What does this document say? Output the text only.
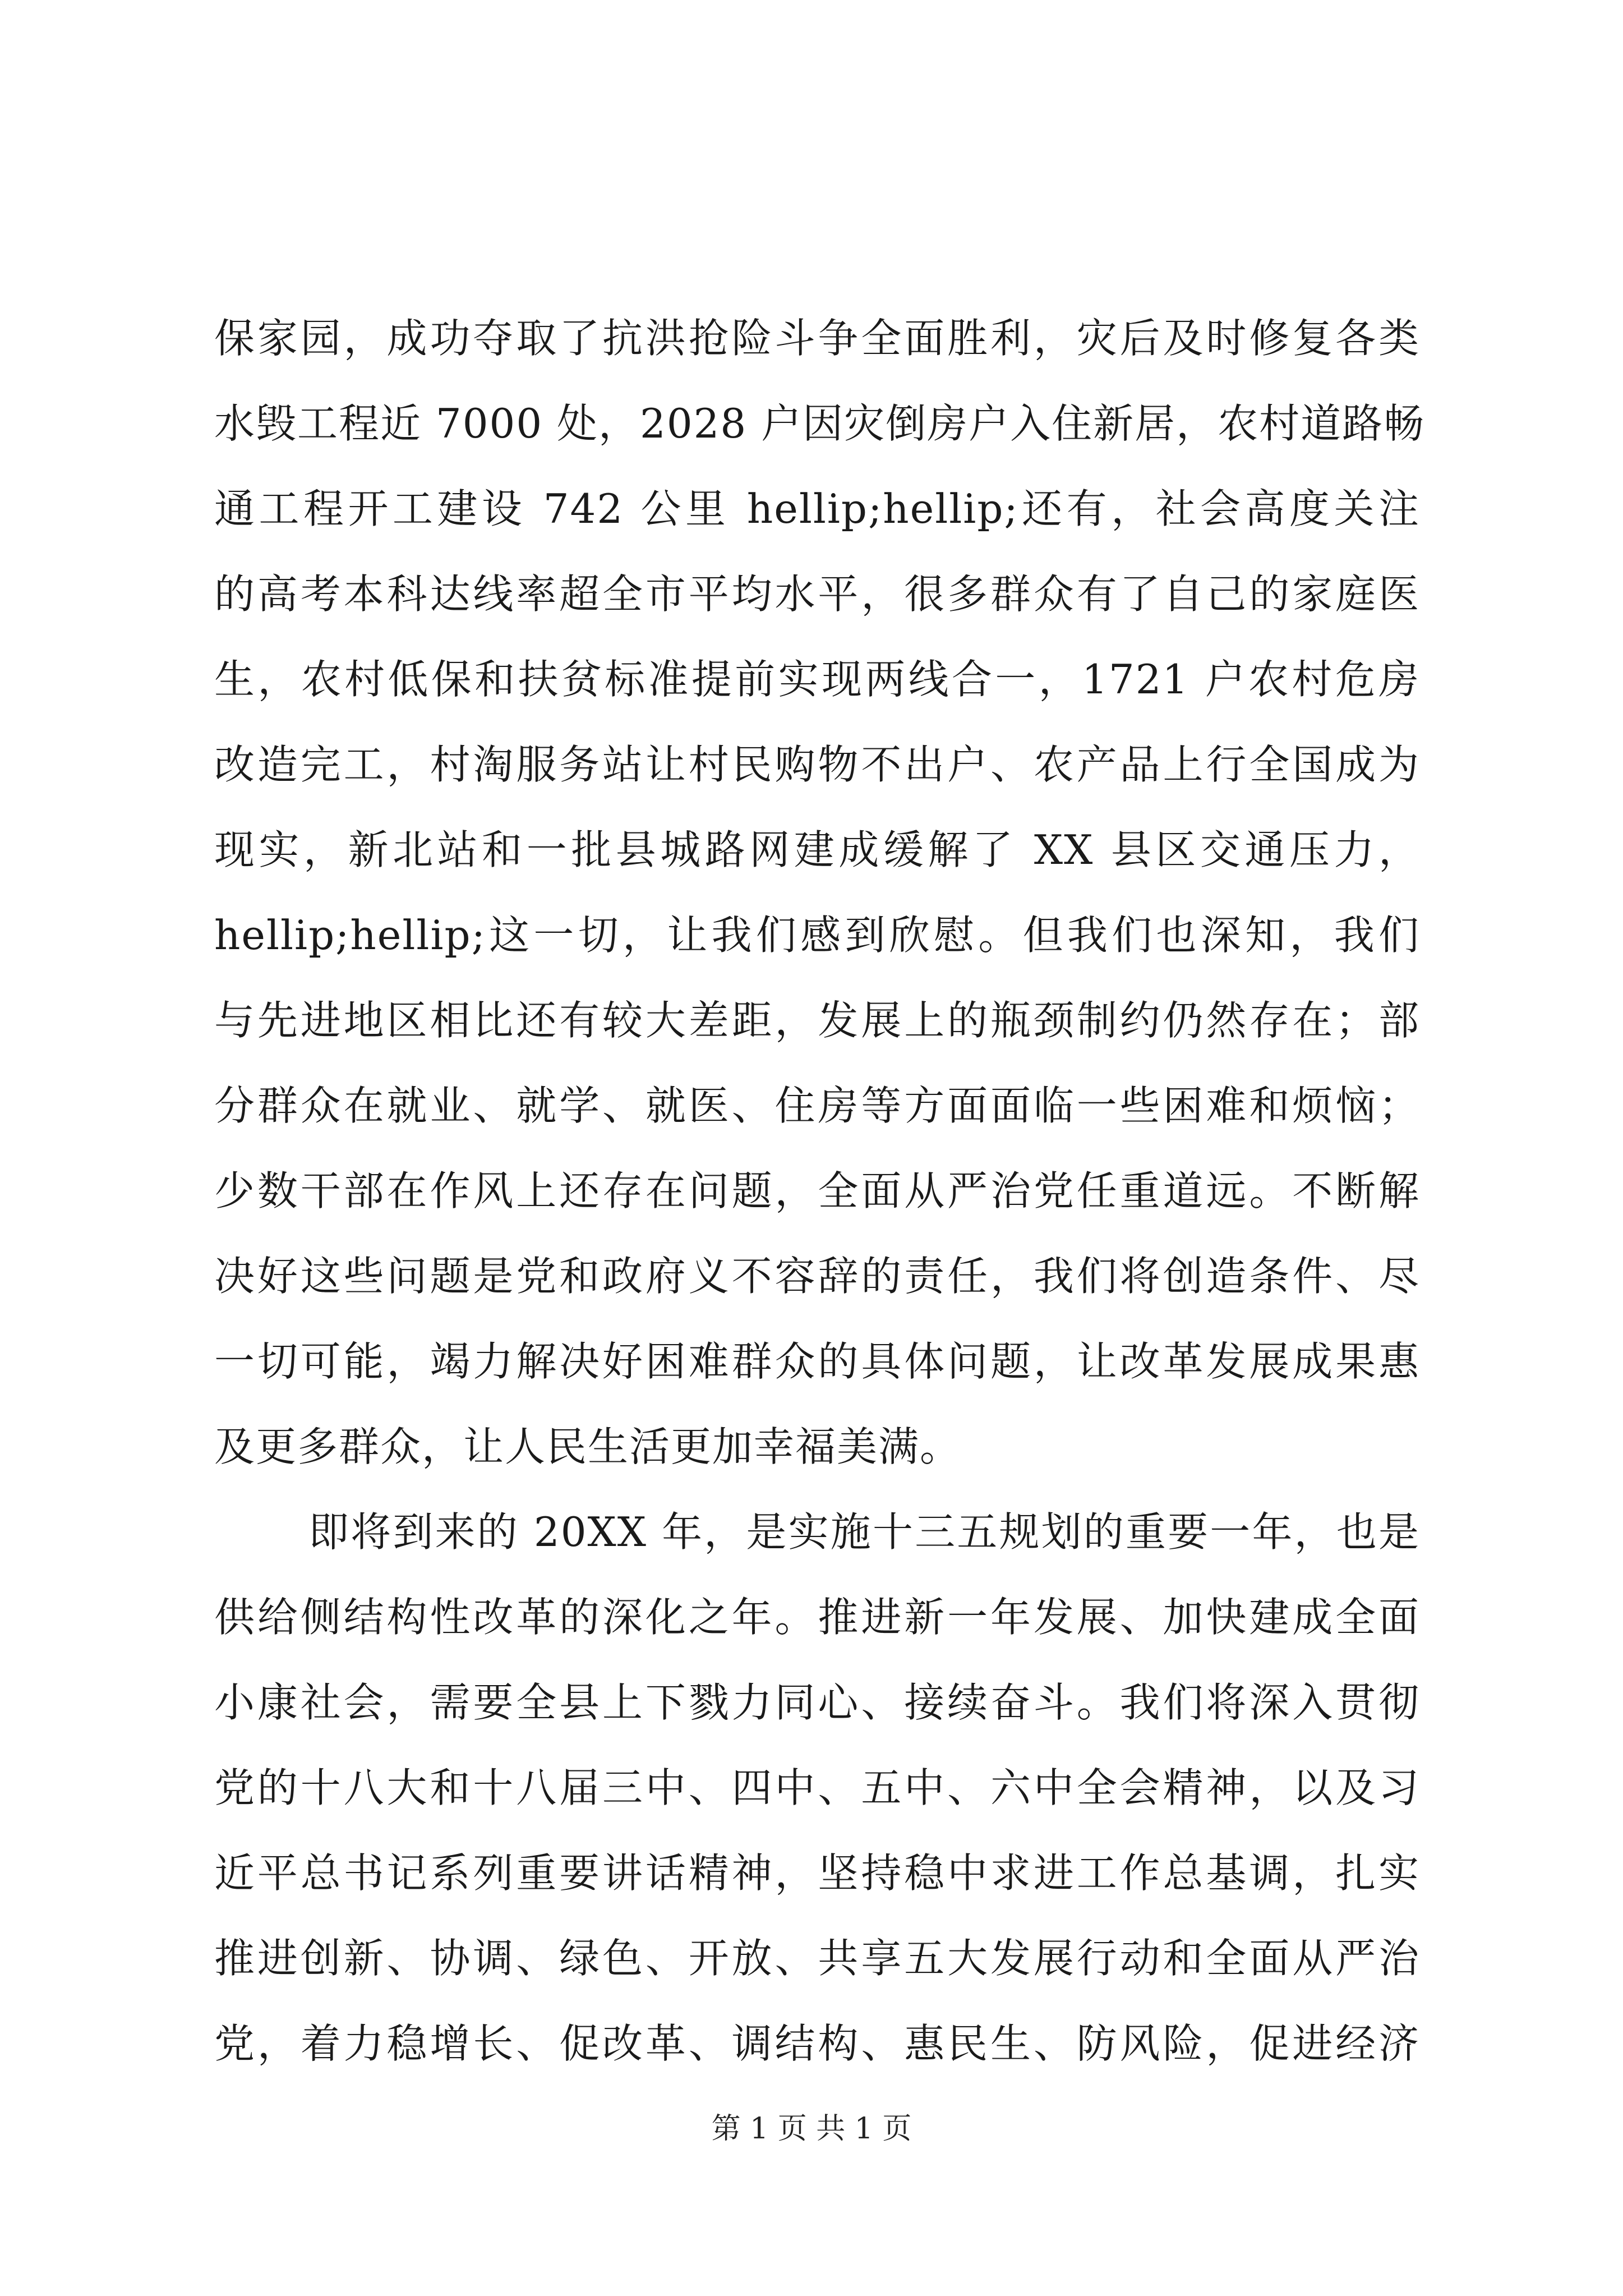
保家园，成功夺取了抗洪抢险斗争全面胜利，灾后及时修复各类
水毁工程近 7000 处，2028 户因灾倒房户入住新居，农村道路畅
通工程开工建设 742 公里 hellip;hellip;还有，社会高度关注
的高考本科达线率超全市平均水平，很多群众有了自己的家庭医
生，农村低保和扶贫标准提前实现两线合一，1721 户农村危房
改造完工，村淘服务站让村民购物不出户、农产品上行全国成为
现实，新北站和一批县城路网建成缓解了 XX 县区交通压力，
hellip;hellip;这一切，让我们感到欣慰。但我们也深知，我们
与先进地区相比还有较大差距，发展上的瓶颈制约仍然存在；部
分群众在就业、就学、就医、住房等方面面临一些困难和烦恼；
少数干部在作风上还存在问题，全面从严治党任重道远。不断解
决好这些问题是党和政府义不容辞的责任，我们将创造条件、尽
一切可能，竭力解决好困难群众的具体问题，让改革发展成果惠
及更多群众，让人民生活更加幸福美满。
即将到来的 20XX 年，是实施十三五规划的重要一年，也是
供给侧结构性改革的深化之年。推进新一年发展、加快建成全面
小康社会，需要全县上下戮力同心、接续奋斗。我们将深入贯彻
党的十八大和十八届三中、四中、五中、六中全会精神，以及习
近平总书记系列重要讲话精神，坚持稳中求进工作总基调，扎实
推进创新、协调、绿色、开放、共享五大发展行动和全面从严治
党，着力稳增长、促改革、调结构、惠民生、防风险，促进经济
第 1 页 共 1 页
